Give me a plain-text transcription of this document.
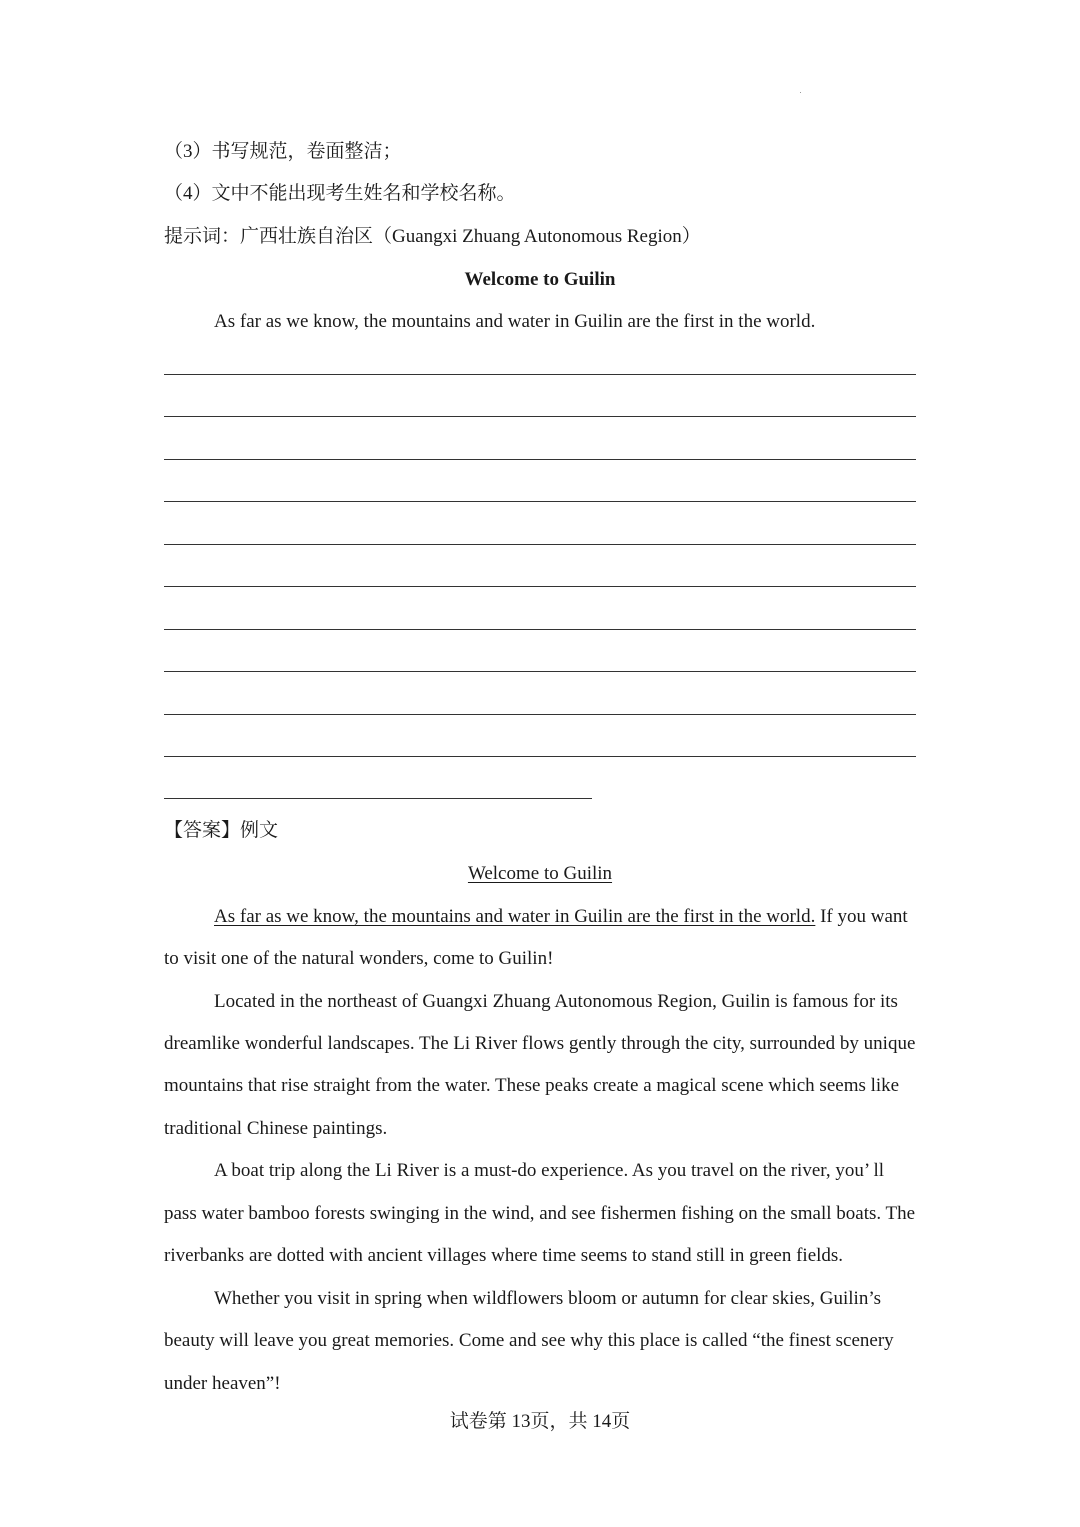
（3）书写规范，卷面整洁；
（4）文中不能出现考生姓名和学校名称。
提示词：广西壮族自治区（Guangxi Zhuang Autonomous Region）
Welcome to Guilin
As far as we know, the mountains and water in Guilin are the first in the world.
【答案】例文
Welcome to Guilin
As far as we know, the mountains and water in Guilin are the first in the world. If you want
to visit one of the natural wonders, come to Guilin!
Located in the northeast of Guangxi Zhuang Autonomous Region, Guilin is famous for its
dreamlike wonderful landscapes. The Li River flows gently through the city, surrounded by unique
mountains that rise straight from the water. These peaks create a magical scene which seems like
traditional Chinese paintings.
A boat trip along the Li River is a must-do experience. As you travel on the river, you’ ll
pass water bamboo forests swinging in the wind, and see fishermen fishing on the small boats. The
riverbanks are dotted with ancient villages where time seems to stand still in green fields.
Whether you visit in spring when wildflowers bloom or autumn for clear skies, Guilin’s
beauty will leave you great memories. Come and see why this place is called “the finest scenery
under heaven”!
试卷第 13页，共 14页
